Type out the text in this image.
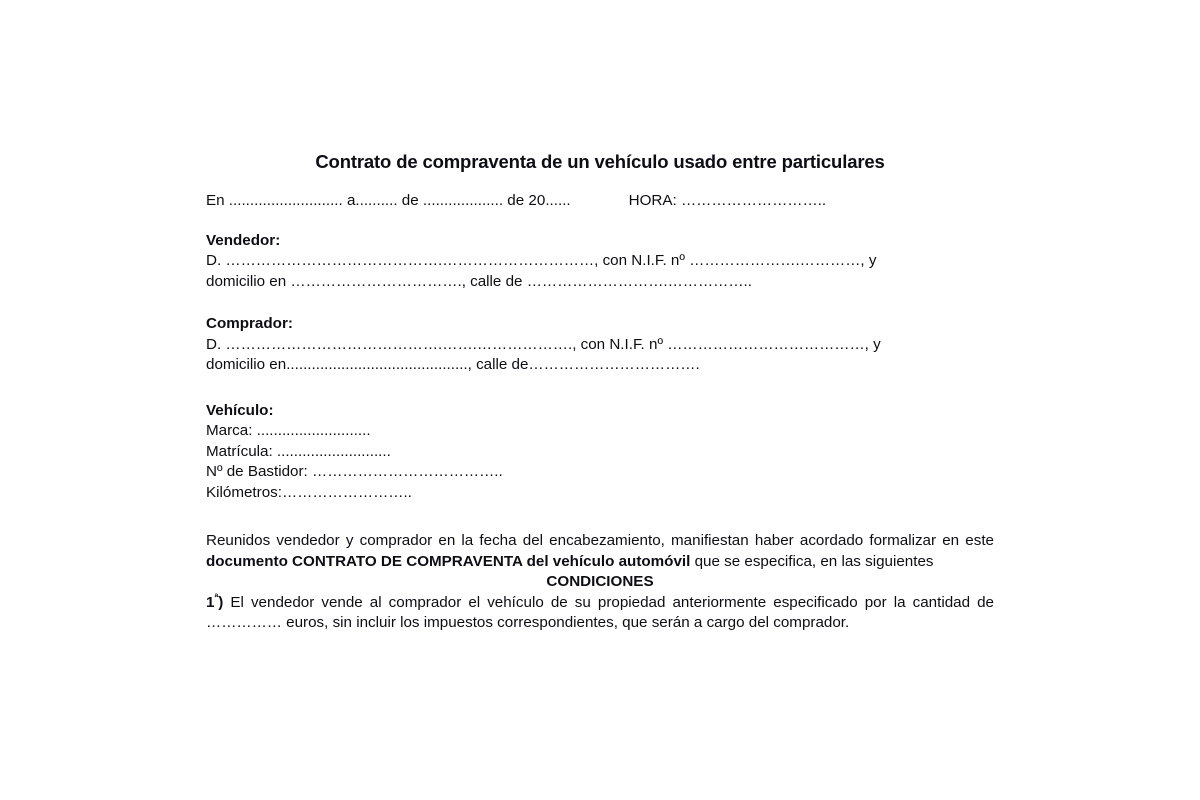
Contrato de compraventa de un vehículo usado entre particulares
En ........................... a.......... de ................... de 20......	HORA: ………………………..
Vendedor:
D. …………………………………….…………………………, con N.I.F. nº ………………….…………, y
domicilio en ……………………………., calle de ……………………….……………..
Comprador:
D. …………………………………….…….………………., con N.I.F. nº …………………………………, y
domicilio en..........................................., calle de…………………………….
Vehículo:
Marca: ...........................
Matrícula: ...........................
Nº de Bastidor: ………………………………..
Kilómetros:……………………..

Reunidos vendedor y comprador en la fecha del encabezamiento, manifiestan haber acordado formalizar en este documento CONTRATO DE COMPRAVENTA del vehículo automóvil que se especifica, en las siguientes

CONDICIONES

$1^ª$) El vendedor vende al comprador el vehículo de su propiedad anteriormente especificado por la cantidad de …………… euros, sin incluir los impuestos correspondientes, que serán a cargo del comprador.
